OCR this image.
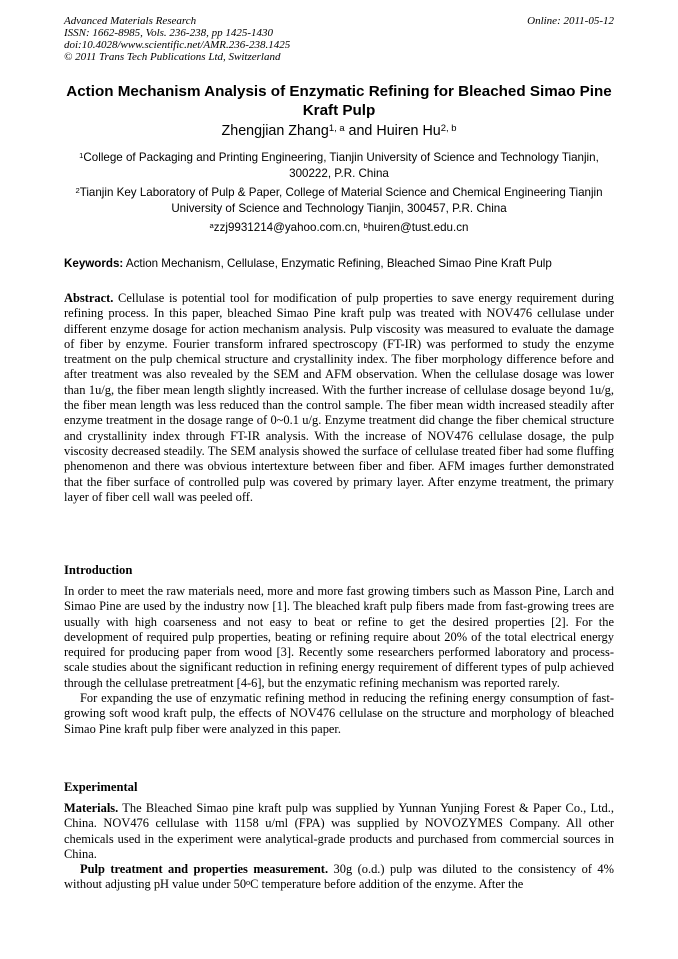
Advanced Materials Research
ISSN: 1662-8985, Vols. 236-238, pp 1425-1430
doi:10.4028/www.scientific.net/AMR.236-238.1425
© 2011 Trans Tech Publications Ltd, Switzerland
Online: 2011-05-12
Action Mechanism Analysis of Enzymatic Refining for Bleached Simao Pine Kraft Pulp
Zhengjian Zhang$^{1, a}$ and Huiren Hu$^{2, b}$
$^1$College of Packaging and Printing Engineering, Tianjin University of Science and Technology Tianjin, 300222, P.R. China
$^2$Tianjin Key Laboratory of Pulp & Paper, College of Material Science and Chemical Engineering Tianjin University of Science and Technology Tianjin, 300457, P.R. China
$^a$zzj9931214@yahoo.com.cn, $^b$huiren@tust.edu.cn
Keywords: Action Mechanism, Cellulase, Enzymatic Refining, Bleached Simao Pine Kraft Pulp

Abstract. Cellulase is potential tool for modification of pulp properties to save energy requirement during refining process. In this paper, bleached Simao Pine kraft pulp was treated with NOV476 cellulase under different enzyme dosage for action mechanism analysis. Pulp viscosity was measured to evaluate the damage of fiber by enzyme. Fourier transform infrared spectroscopy (FT-IR) was performed to study the enzyme treatment on the pulp chemical structure and crystallinity index. The fiber morphology difference before and after treatment was also revealed by the SEM and AFM observation. When the cellulase dosage was lower than 1u/g, the fiber mean length slightly increased. With the further increase of cellulase dosage beyond 1u/g, the fiber mean length was less reduced than the control sample. The fiber mean width increased steadily after enzyme treatment in the dosage range of 0~0.1 u/g. Enzyme treatment did change the fiber chemical structure and crystallinity index through FT-IR analysis. With the increase of NOV476 cellulase dosage, the pulp viscosity decreased steadily. The SEM analysis showed the surface of cellulase treated fiber had some fluffing phenomenon and there was obvious intertexture between fiber and fiber. AFM images further demonstrated that the fiber surface of controlled pulp was covered by primary layer. After enzyme treatment, the primary layer of fiber cell wall was peeled off.

Introduction

In order to meet the raw materials need, more and more fast growing timbers such as Masson Pine, Larch and Simao Pine are used by the industry now [1]. The bleached kraft pulp fibers made from fast-growing trees are usually with high coarseness and not easy to beat or refine to get the desired properties [2]. For the development of required pulp properties, beating or refining require about 20% of the total electrical energy required for producing paper from wood [3]. Recently some researchers performed laboratory and process-scale studies about the significant reduction in refining energy requirement of different types of pulp achieved through the cellulase pretreatment [4-6], but the enzymatic refining mechanism was reported rarely.

For expanding the use of enzymatic refining method in reducing the refining energy consumption of fast-growing soft wood kraft pulp, the effects of NOV476 cellulase on the structure and morphology of bleached Simao Pine kraft pulp fiber were analyzed in this paper.

Experimental

Materials. The Bleached Simao pine kraft pulp was supplied by Yunnan Yunjing Forest & Paper Co., Ltd., China. NOV476 cellulase with 1158 u/ml (FPA) was supplied by NOVOZYMES Company. All other chemicals used in the experiment were analytical-grade products and purchased from commercial sources in China.

Pulp treatment and properties measurement. 30g (o.d.) pulp was diluted to the consistency of 4% without adjusting pH value under 50$^o$C temperature before addition of the enzyme. After the
